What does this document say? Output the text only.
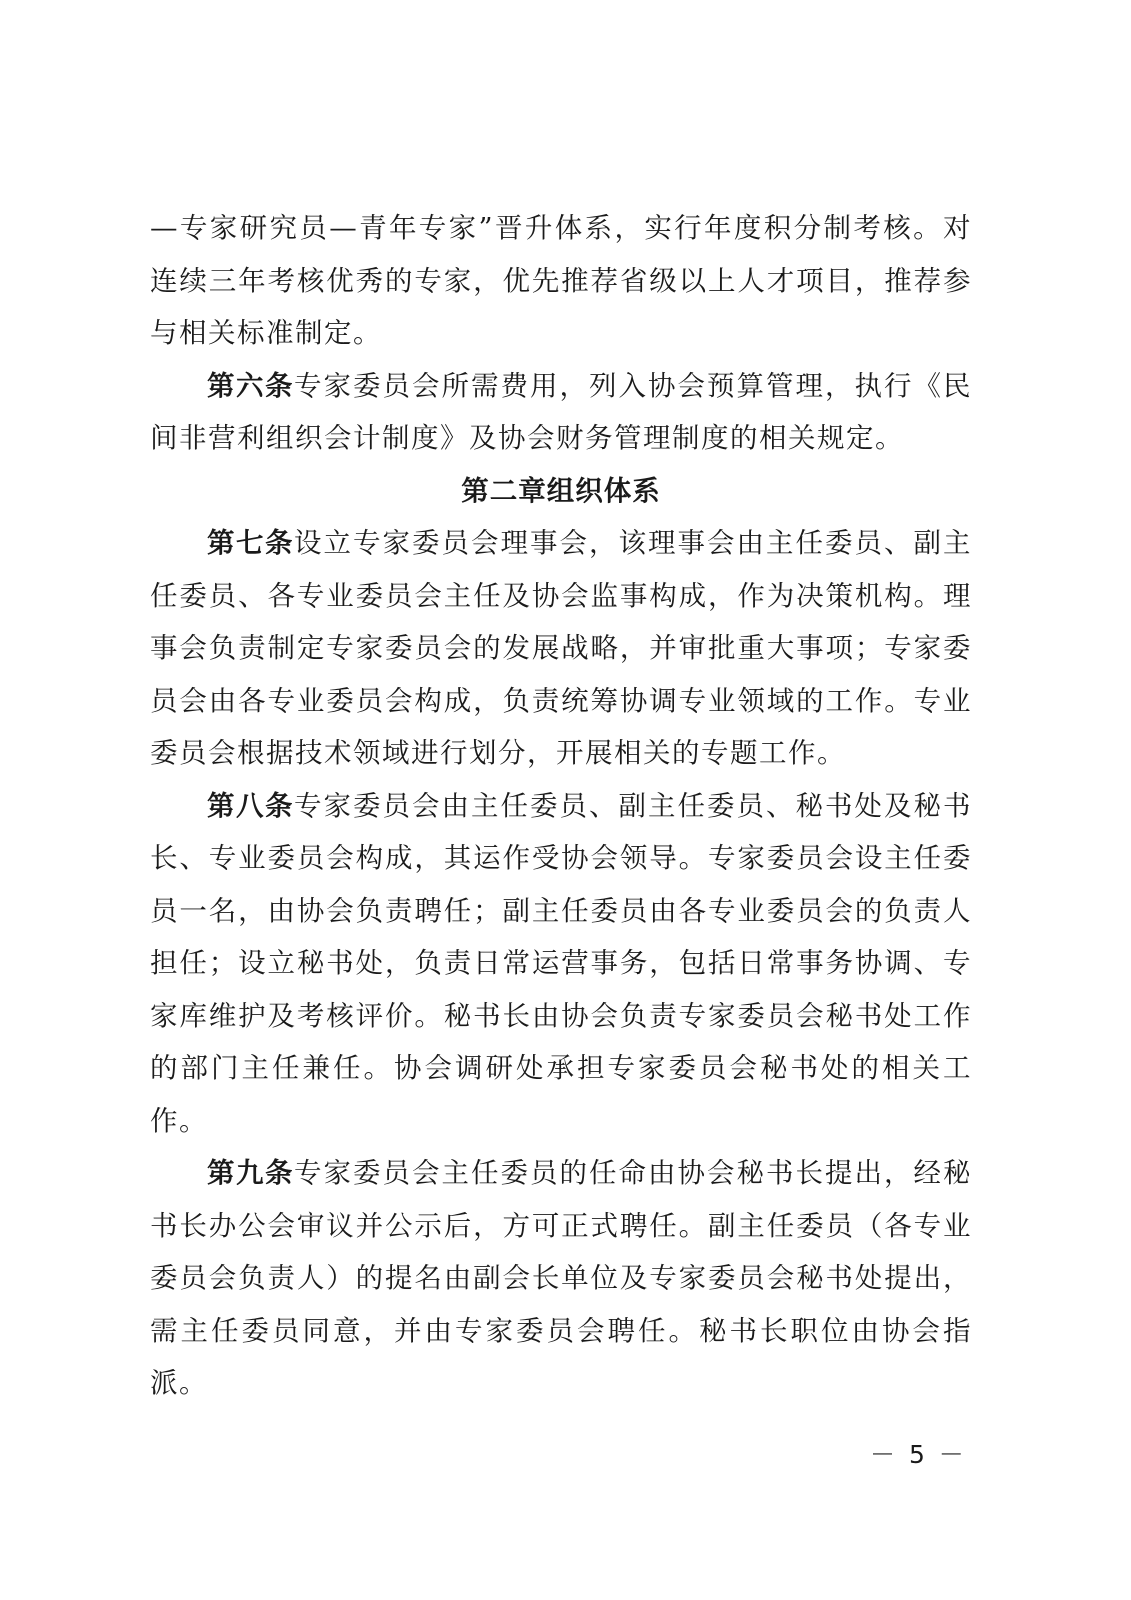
—专家研究员—青年专家”晋升体系，实行年度积分制考核。对连续三年考核优秀的专家，优先推荐省级以上人才项目，推荐参与相关标准制定。

第六条专家委员会所需费用，列入协会预算管理，执行《民间非营利组织会计制度》及协会财务管理制度的相关规定。

第二章组织体系

第七条设立专家委员会理事会，该理事会由主任委员、副主任委员、各专业委员会主任及协会监事构成，作为决策机构。理事会负责制定专家委员会的发展战略，并审批重大事项；专家委员会由各专业委员会构成，负责统筹协调专业领域的工作。专业委员会根据技术领域进行划分，开展相关的专题工作。

第八条专家委员会由主任委员、副主任委员、秘书处及秘书长、专业委员会构成，其运作受协会领导。专家委员会设主任委员一名，由协会负责聘任；副主任委员由各专业委员会的负责人担任；设立秘书处，负责日常运营事务，包括日常事务协调、专家库维护及考核评价。秘书长由协会负责专家委员会秘书处工作的部门主任兼任。协会调研处承担专家委员会秘书处的相关工作。

第九条专家委员会主任委员的任命由协会秘书长提出，经秘书长办公会审议并公示后，方可正式聘任。副主任委员（各专业委员会负责人）的提名由副会长单位及专家委员会秘书处提出，需主任委员同意，并由专家委员会聘任。秘书长职位由协会指派。

－ 5 －
